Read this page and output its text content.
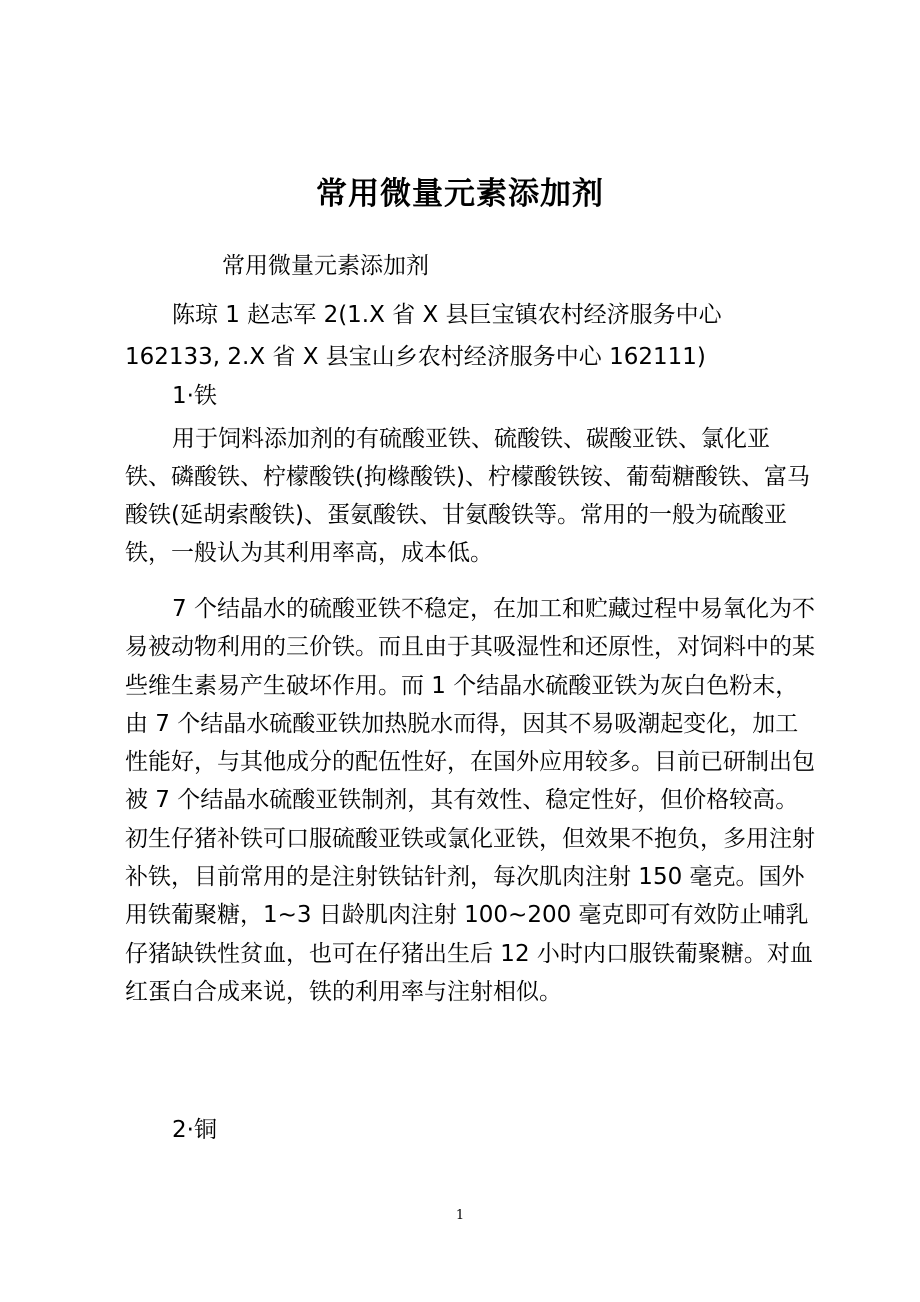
常用微量元素添加剂
常用微量元素添加剂
陈琼 1 赵志军 2(1.X 省 X 县巨宝镇农村经济服务中心 162133, 2.X 省 X 县宝山乡农村经济服务中心 162111)
1·铁
用于饲料添加剂的有硫酸亚铁、硫酸铁、碳酸亚铁、氯化亚铁、磷酸铁、柠檬酸铁(拘橼酸铁)、柠檬酸铁铵、葡萄糖酸铁、富马酸铁(延胡索酸铁)、蛋氨酸铁、甘氨酸铁等。常用的一般为硫酸亚铁，一般认为其利用率高，成本低。
7 个结晶水的硫酸亚铁不稳定，在加工和贮藏过程中易氧化为不易被动物利用的三价铁。而且由于其吸湿性和还原性，对饲料中的某些维生素易产生破坏作用。而 1 个结晶水硫酸亚铁为灰白色粉末，由 7 个结晶水硫酸亚铁加热脱水而得，因其不易吸潮起变化，加工性能好，与其他成分的配伍性好，在国外应用较多。目前已研制出包被 7 个结晶水硫酸亚铁制剂，其有效性、稳定性好，但价格较高。初生仔猪补铁可口服硫酸亚铁或氯化亚铁，但效果不抱负，多用注射补铁，目前常用的是注射铁钴针剂，每次肌肉注射 150 毫克。国外用铁葡聚糖，1~3 日龄肌肉注射 100~200 毫克即可有效防止哺乳仔猪缺铁性贫血，也可在仔猪出生后 12 小时内口服铁葡聚糖。对血红蛋白合成来说，铁的利用率与注射相似。
2·铜
1
